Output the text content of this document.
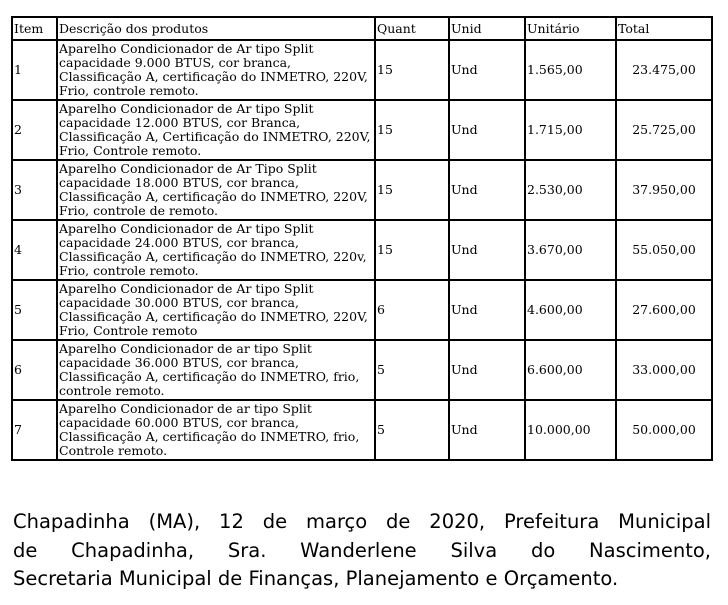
Item	Descrição dos produtos	Quant	Unid	Unitário	Total
1	Aparelho Condicionador de Ar tipo Split
capacidade 9.000 BTUS, cor branca,
Classificação A, certificação do INMETRO, 220V,
Frio, controle remoto.	15	Und	1.565,00	23.475,00
2	Aparelho Condicionador de Ar tipo Split
capacidade 12.000 BTUS, cor Branca,
Classificação A, Certificação do INMETRO, 220V,
Frio, Controle remoto.	15	Und	1.715,00	25.725,00
3	Aparelho Condicionador de Ar Tipo Split
capacidade 18.000 BTUS, cor branca,
Classificação A, certificação do INMETRO, 220V,
Frio, controle de remoto.	15	Und	2.530,00	37.950,00
4	Aparelho Condicionador de Ar tipo Split
capacidade 24.000 BTUS, cor branca,
Classificação A, certificação do INMETRO, 220v,
Frio, controle remoto.	15	Und	3.670,00	55.050,00
5	Aparelho Condicionador de Ar tipo Split
capacidade 30.000 BTUS, cor branca,
Classificação A, certificação do INMETRO, 220V,
Frio, Controle remoto	6	Und	4.600,00	27.600,00
6	Aparelho Condicionador de ar tipo Split
capacidade 36.000 BTUS, cor branca,
Classificação A, certificação do INMETRO, frio,
controle remoto.	5	Und	6.600,00	33.000,00
7	Aparelho Condicionador de ar tipo Split
capacidade 60.000 BTUS, cor branca,
Classificação A, certificação do INMETRO, frio,
Controle remoto.	5	Und	10.000,00	50.000,00

Chapadinha (MA), 12 de março de 2020, Prefeitura Municipal
de Chapadinha, Sra. Wanderlene Silva do Nascimento,
Secretaria Municipal de Finanças, Planejamento e Orçamento.
